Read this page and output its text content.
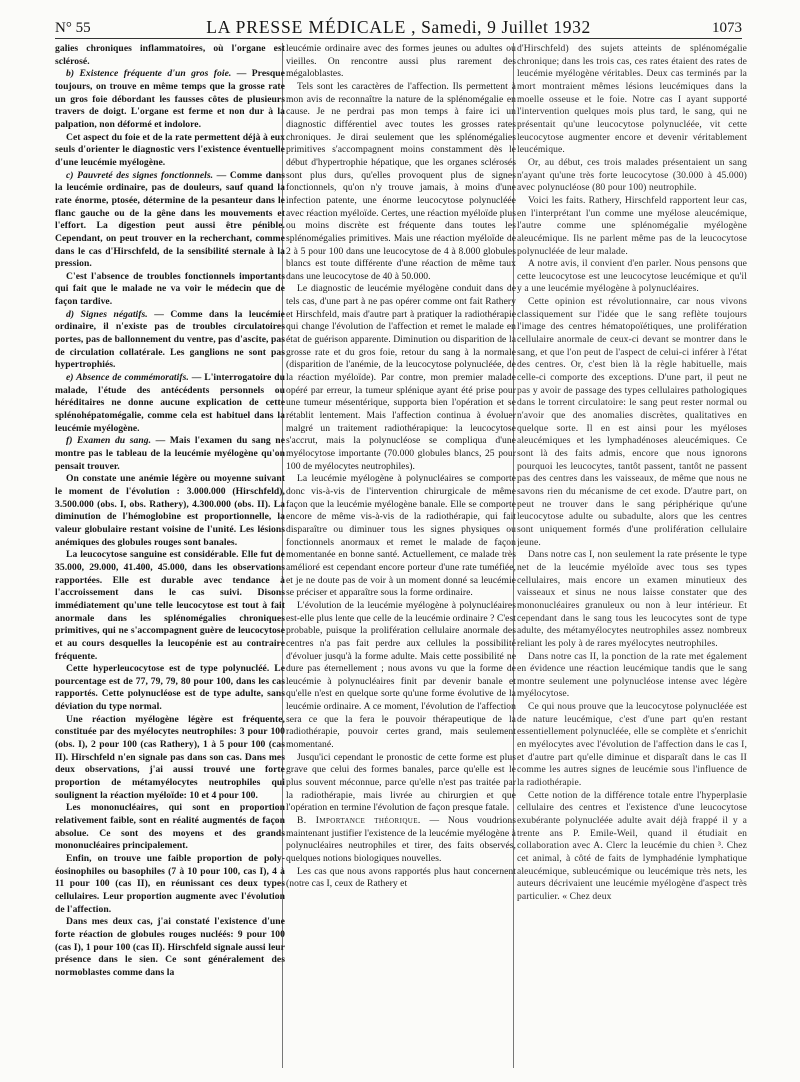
N° 55	LA PRESSE MÉDICALE , Samedi, 9 Juillet 1932	1073

galies chroniques inflammatoires, où l'organe est sclérosé.

b) Existence fréquente d'un gros foie. — Presque toujours, on trouve en même temps que la grosse rate un gros foie débordant les fausses côtes de plusieurs travers de doigt. L'organe est ferme et non dur à la palpation, non déformé et indolore.

Cet aspect du foie et de la rate permettent déjà à eux seuls d'orienter le diagnostic vers l'existence éventuelle d'une leucémie myélogène.

c) Pauvreté des signes fonctionnels. — Comme dans la leucémie ordinaire, pas de douleurs, sauf quand la rate énorme, ptosée, détermine de la pesanteur dans le flanc gauche ou de la gêne dans les mouvements et l'effort. La digestion peut aussi être pénible. Cependant, on peut trouver en la recherchant, comme dans le cas d'Hirschfeld, de la sensibilité sternale à la pression.

C'est l'absence de troubles fonctionnels importants qui fait que le malade ne va voir le médecin que de façon tardive.

d) Signes négatifs. — Comme dans la leucémie ordinaire, il n'existe pas de troubles circulatoires portes, pas de ballonnement du ventre, pas d'ascite, pas de circulation collatérale. Les ganglions ne sont pas hypertrophiés.

e) Absence de commémoratifs. — L'interrogatoire du malade, l'étude des antécédents personnels ou héréditaires ne donne aucune explication de cette splénohépatomégalie, comme cela est habituel dans la leucémie myélogène.

f) Examen du sang. — Mais l'examen du sang ne montre pas le tableau de la leucémie myélogène qu'on pensait trouver.

On constate une anémie légère ou moyenne suivant le moment de l'évolution : 3.000.000 (Hirschfeld), 3.500.000 (obs. I, obs. Rathery), 4.300.000 (obs. II). La diminution de l'hémoglobine est proportionnelle, la valeur globulaire restant voisine de l'unité. Les lésions anémiques des globules rouges sont banales.

La leucocytose sanguine est considérable. Elle fut de 35.000, 29.000, 41.400, 45.000, dans les observations rapportées. Elle est durable avec tendance à l'accroissement dans le cas suivi. Disons immédiatement qu'une telle leucocytose est tout à fait anormale dans les splénomégalies chroniques primitives, qui ne s'accompagnent guère de leucocytose et au cours desquelles la leucopénie est au contraire fréquente.

Cette hyperleucocytose est de type polynucléé. Le pourcentage est de 77, 79, 79, 80 pour 100, dans les cas rapportés. Cette polynucléose est de type adulte, sans déviation du type normal.

Une réaction myélogène légère est fréquente, constituée par des myélocytes neutrophiles: 3 pour 100 (obs. I), 2 pour 100 (cas Rathery), 1 à 5 pour 100 (cas II). Hirschfeld n'en signale pas dans son cas. Dans mes deux observations, j'ai aussi trouvé une forte proportion de métamyélocytes neutrophiles qui soulignent la réaction myéloïde: 10 et 4 pour 100.

Les mononucléaires, qui sont en proportion relativement faible, sont en réalité augmentés de façon absolue. Ce sont des moyens et des grands mononucléaires principalement.

Enfin, on trouve une faible proportion de poly-éosinophiles ou basophiles (7 à 10 pour 100, cas I), 4 à 11 pour 100 (cas II), en réunissant ces deux types cellulaires. Leur proportion augmente avec l'évolution de l'affection.

Dans mes deux cas, j'ai constaté l'existence d'une forte réaction de globules rouges nucléés: 9 pour 100 (cas I), 1 pour 100 (cas II). Hirschfeld signale aussi leur présence dans le sien. Ce sont généralement des normoblastes comme dans la

leucémie ordinaire avec des formes jeunes ou adultes ou vieilles. On rencontre aussi plus rarement des mégaloblastes.

Tels sont les caractères de l'affection. Ils permettent à mon avis de reconnaître la nature de la splénomégalie en cause. Je ne perdrai pas mon temps à faire ici un diagnostic différentiel avec toutes les grosses rates chroniques. Je dirai seulement que les splénomégalies primitives s'accompagnent moins constamment dès le début d'hypertrophie hépatique, que les organes sclérosés sont plus durs, qu'elles provoquent plus de signes fonctionnels, qu'on n'y trouve jamais, à moins d'une infection patente, une énorme leucocytose polynucléée avec réaction myéloïde. Certes, une réaction myéloïde plus ou moins discrète est fréquente dans toutes les splénomégalies primitives. Mais une réaction myéloïde de 2 à 5 pour 100 dans une leucocytose de 4 à 8.000 globules blancs est toute différente d'une réaction de même taux dans une leucocytose de 40 à 50.000.

Le diagnostic de leucémie myélogène conduit dans de tels cas, d'une part à ne pas opérer comme ont fait Rathery et Hirschfeld, mais d'autre part à pratiquer la radiothérapie qui change l'évolution de l'affection et remet le malade en état de guérison apparente. Diminution ou disparition de la grosse rate et du gros foie, retour du sang à la normale (disparition de l'anémie, de la leucocytose polynucléée, de la réaction myéloïde). Par contre, mon premier malade opéré par erreur, la tumeur splénique ayant été prise pour une tumeur mésentérique, supporta bien l'opération et se rétablit lentement. Mais l'affection continua à évoluer malgré un traitement radiothérapique: la leucocytose s'accrut, mais la polynucléose se compliqua d'une myélocytose importante (70.000 globules blancs, 25 pour 100 de myélocytes neutrophiles).

La leucémie myélogène à polynucléaires se comporte donc vis-à-vis de l'intervention chirurgicale de même façon que la leucémie myélogène banale. Elle se comporte encore de même vis-à-vis de la radiothérapie, qui fait disparaître ou diminuer tous les signes physiques ou fonctionnels anormaux et remet le malade de façon momentanée en bonne santé. Actuellement, ce malade très amélioré est cependant encore porteur d'une rate tuméfiée, et je ne doute pas de voir à un moment donné sa leucémie se préciser et apparaître sous la forme ordinaire.

L'évolution de la leucémie myélogène à polynucléaires est-elle plus lente que celle de la leucémie ordinaire ? C'est probable, puisque la prolifération cellulaire anormale des centres n'a pas fait perdre aux cellules la possibilité d'évoluer jusqu'à la forme adulte. Mais cette possibilité ne dure pas éternellement ; nous avons vu que la forme de leucémie à polynucléaires finit par devenir banale et qu'elle n'est en quelque sorte qu'une forme évolutive de la leucémie ordinaire. A ce moment, l'évolution de l'affection sera ce que la fera le pouvoir thérapeutique de la radiothérapie, pouvoir certes grand, mais seulement momentané.

Jusqu'ici cependant le pronostic de cette forme est plus grave que celui des formes banales, parce qu'elle est le plus souvent méconnue, parce qu'elle n'est pas traitée par la radiothérapie, mais livrée au chirurgien et que l'opération en termine l'évolution de façon presque fatale.

B. Importance théorique. — Nous voudrions maintenant justifier l'existence de la leucémie myélogène à polynucléaires neutrophiles et tirer, des faits observés, quelques notions biologiques nouvelles.

Les cas que nous avons rapportés plus haut concernent (notre cas I, ceux de Rathery et

d'Hirschfeld) des sujets atteints de splénomégalie chronique; dans les trois cas, ces rates étaient des rates de leucémie myélogène véritables. Deux cas terminés par la mort montraient mêmes lésions leucémiques dans la moelle osseuse et le foie. Notre cas I ayant supporté l'intervention quelques mois plus tard, le sang, qui ne présentait qu'une leucocytose polynucléée, vit cette leucocytose augmenter encore et devenir véritablement leucémique.

Or, au début, ces trois malades présentaient un sang n'ayant qu'une très forte leucocytose (30.000 à 45.000) avec polynucléose (80 pour 100) neutrophile.

Voici les faits. Rathery, Hirschfeld rapportent leur cas, en l'interprétant l'un comme une myélose aleucémique, l'autre comme une splénomégalie myélogène aleucémique. Ils ne parlent même pas de la leucocytose polynucléée de leur malade.

A notre avis, il convient d'en parler. Nous pensons que cette leucocytose est une leucocytose leucémique et qu'il y a une leucémie myélogène à polynucléaires.

Cette opinion est révolutionnaire, car nous vivons classiquement sur l'idée que le sang reflète toujours l'image des centres hématopoïétiques, une prolifération cellulaire anormale de ceux-ci devant se montrer dans le sang, et que l'on peut de l'aspect de celui-ci inférer à l'état des centres. Or, c'est bien là la règle habituelle, mais celle-ci comporte des exceptions. D'une part, il peut ne pas y avoir de passage des types cellulaires pathologiques dans le torrent circulatoire: le sang peut rester normal ou n'avoir que des anomalies discrètes, qualitatives en quelque sorte. Il en est ainsi pour les myéloses aleucémiques et les lymphadénoses aleucémiques. Ce sont là des faits admis, encore que nous ignorons pourquoi les leucocytes, tantôt passent, tantôt ne passent pas des centres dans les vaisseaux, de même que nous ne savons rien du mécanisme de cet exode. D'autre part, on peut ne trouver dans le sang périphérique qu'une leucocytose adulte ou subadulte, alors que les centres sont uniquement formés d'une prolifération cellulaire jeune.

Dans notre cas I, non seulement la rate présente le type net de la leucémie myéloïde avec tous ses types cellulaires, mais encore un examen minutieux des vaisseaux et sinus ne nous laisse constater que des mononucléaires granuleux ou non à leur intérieur. Et cependant dans le sang tous les leucocytes sont de type adulte, des métamyélocytes neutrophiles assez nombreux reliant les poly à de rares myélocytes neutrophiles.

Dans notre cas II, la ponction de la rate met également en évidence une réaction leucémique tandis que le sang montre seulement une polynucléose intense avec légère myélocytose.

Ce qui nous prouve que la leucocytose polynucléée est de nature leucémique, c'est d'une part qu'en restant essentiellement polynucléée, elle se complète et s'enrichit en myélocytes avec l'évolution de l'affection dans le cas I, et d'autre part qu'elle diminue et disparaît dans le cas II comme les autres signes de leucémie sous l'influence de la radiothérapie.

Cette notion de la différence totale entre l'hyperplasie cellulaire des centres et l'existence d'une leucocytose exubérante polynucléée adulte avait déjà frappé il y a trente ans P. Emile-Weil, quand il étudiait en collaboration avec A. Clerc la leucémie du chien ³. Chez cet animal, à côté de faits de lymphadénie lymphatique aleucémique, subleucémique ou leucémique très nets, les auteurs décrivaient une leucémie myélogène d'aspect très particulier. « Chez deux
